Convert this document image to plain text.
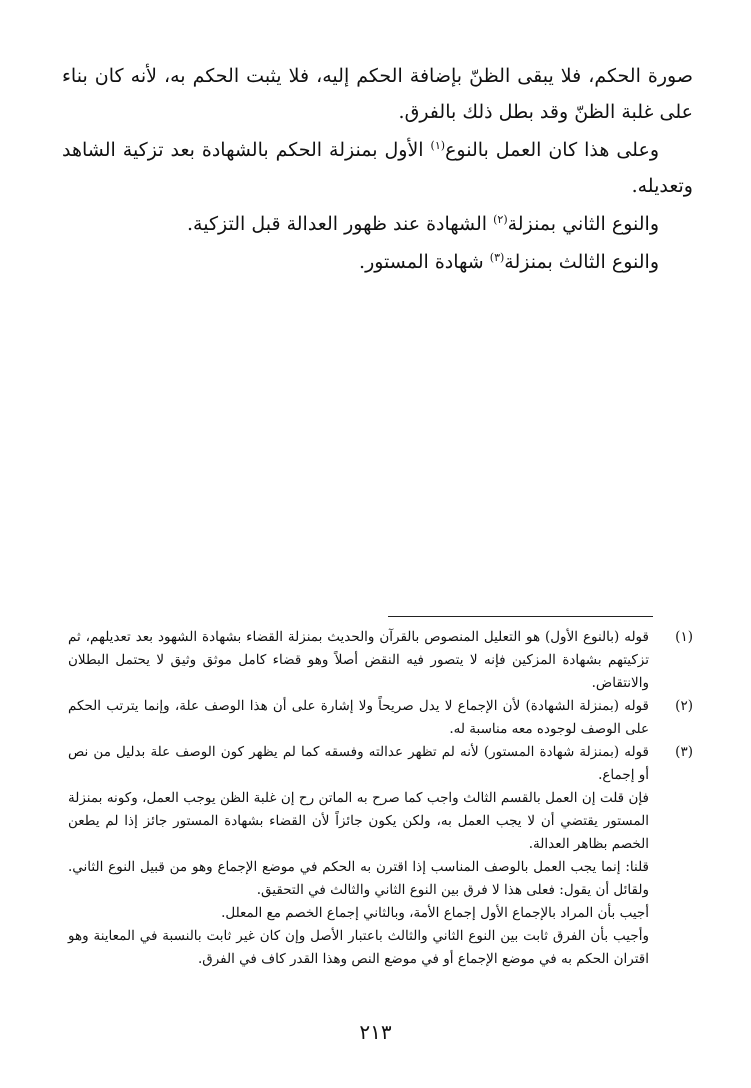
صورة الحكم، فلا يبقى الظنّ بإضافة الحكم إليه، فلا يثبت الحكم به، لأنه كان بناء على غلبة الظنّ وقد بطل ذلك بالفرق.

وعلى هذا كان العمل بالنوع$^{(١)}$ الأول بمنزلة الحكم بالشهادة بعد تزكية الشاهد وتعديله.

والنوع الثاني بمنزلة$^{(٢)}$ الشهادة عند ظهور العدالة قبل التزكية.

والنوع الثالث بمنزلة$^{(٣)}$ شهادة المستور.

(١)
قوله (بالنوع الأول) هو التعليل المنصوص بالقرآن والحديث بمنزلة القضاء بشهادة الشهود بعد تعديلهم، ثم تزكيتهم بشهادة المزكين فإنه لا يتصور فيه النقض أصلاً وهو قضاء كامل موثق وثيق لا يحتمل البطلان والانتقاض.
(٢)
قوله (بمنزلة الشهادة) لأن الإجماع لا يدل صريحاً ولا إشارة على أن هذا الوصف علة، وإنما يترتب الحكم على الوصف لوجوده معه مناسبة له.
(٣)

قوله (بمنزلة شهادة المستور) لأنه لم تظهر عدالته وفسقه كما لم يظهر كون الوصف علة بدليل من نص أو إجماع.

فإن قلت إن العمل بالقسم الثالث واجب كما صرح به الماتن رح إن غلبة الظن يوجب العمل، وكونه بمنزلة المستور يقتضي أن لا يجب العمل به، ولكن يكون جائزاً لأن القضاء بشهادة المستور جائز إذا لم يطعن الخصم بظاهر العدالة.

قلنا: إنما يجب العمل بالوصف المناسب إذا اقترن به الحكم في موضع الإجماع وهو من قبيل النوع الثاني. ولقائل أن يقول: فعلى هذا لا فرق بين النوع الثاني والثالث في التحقيق.

أجيب بأن المراد بالإجماع الأول إجماع الأمة، وبالثاني إجماع الخصم مع المعلل.

وأجيب بأن الفرق ثابت بين النوع الثاني والثالث باعتبار الأصل وإن كان غير ثابت بالنسبة في المعاينة وهو اقتران الحكم به في موضع الإجماع أو في موضع النص وهذا القدر كاف في الفرق.

٢١٣
